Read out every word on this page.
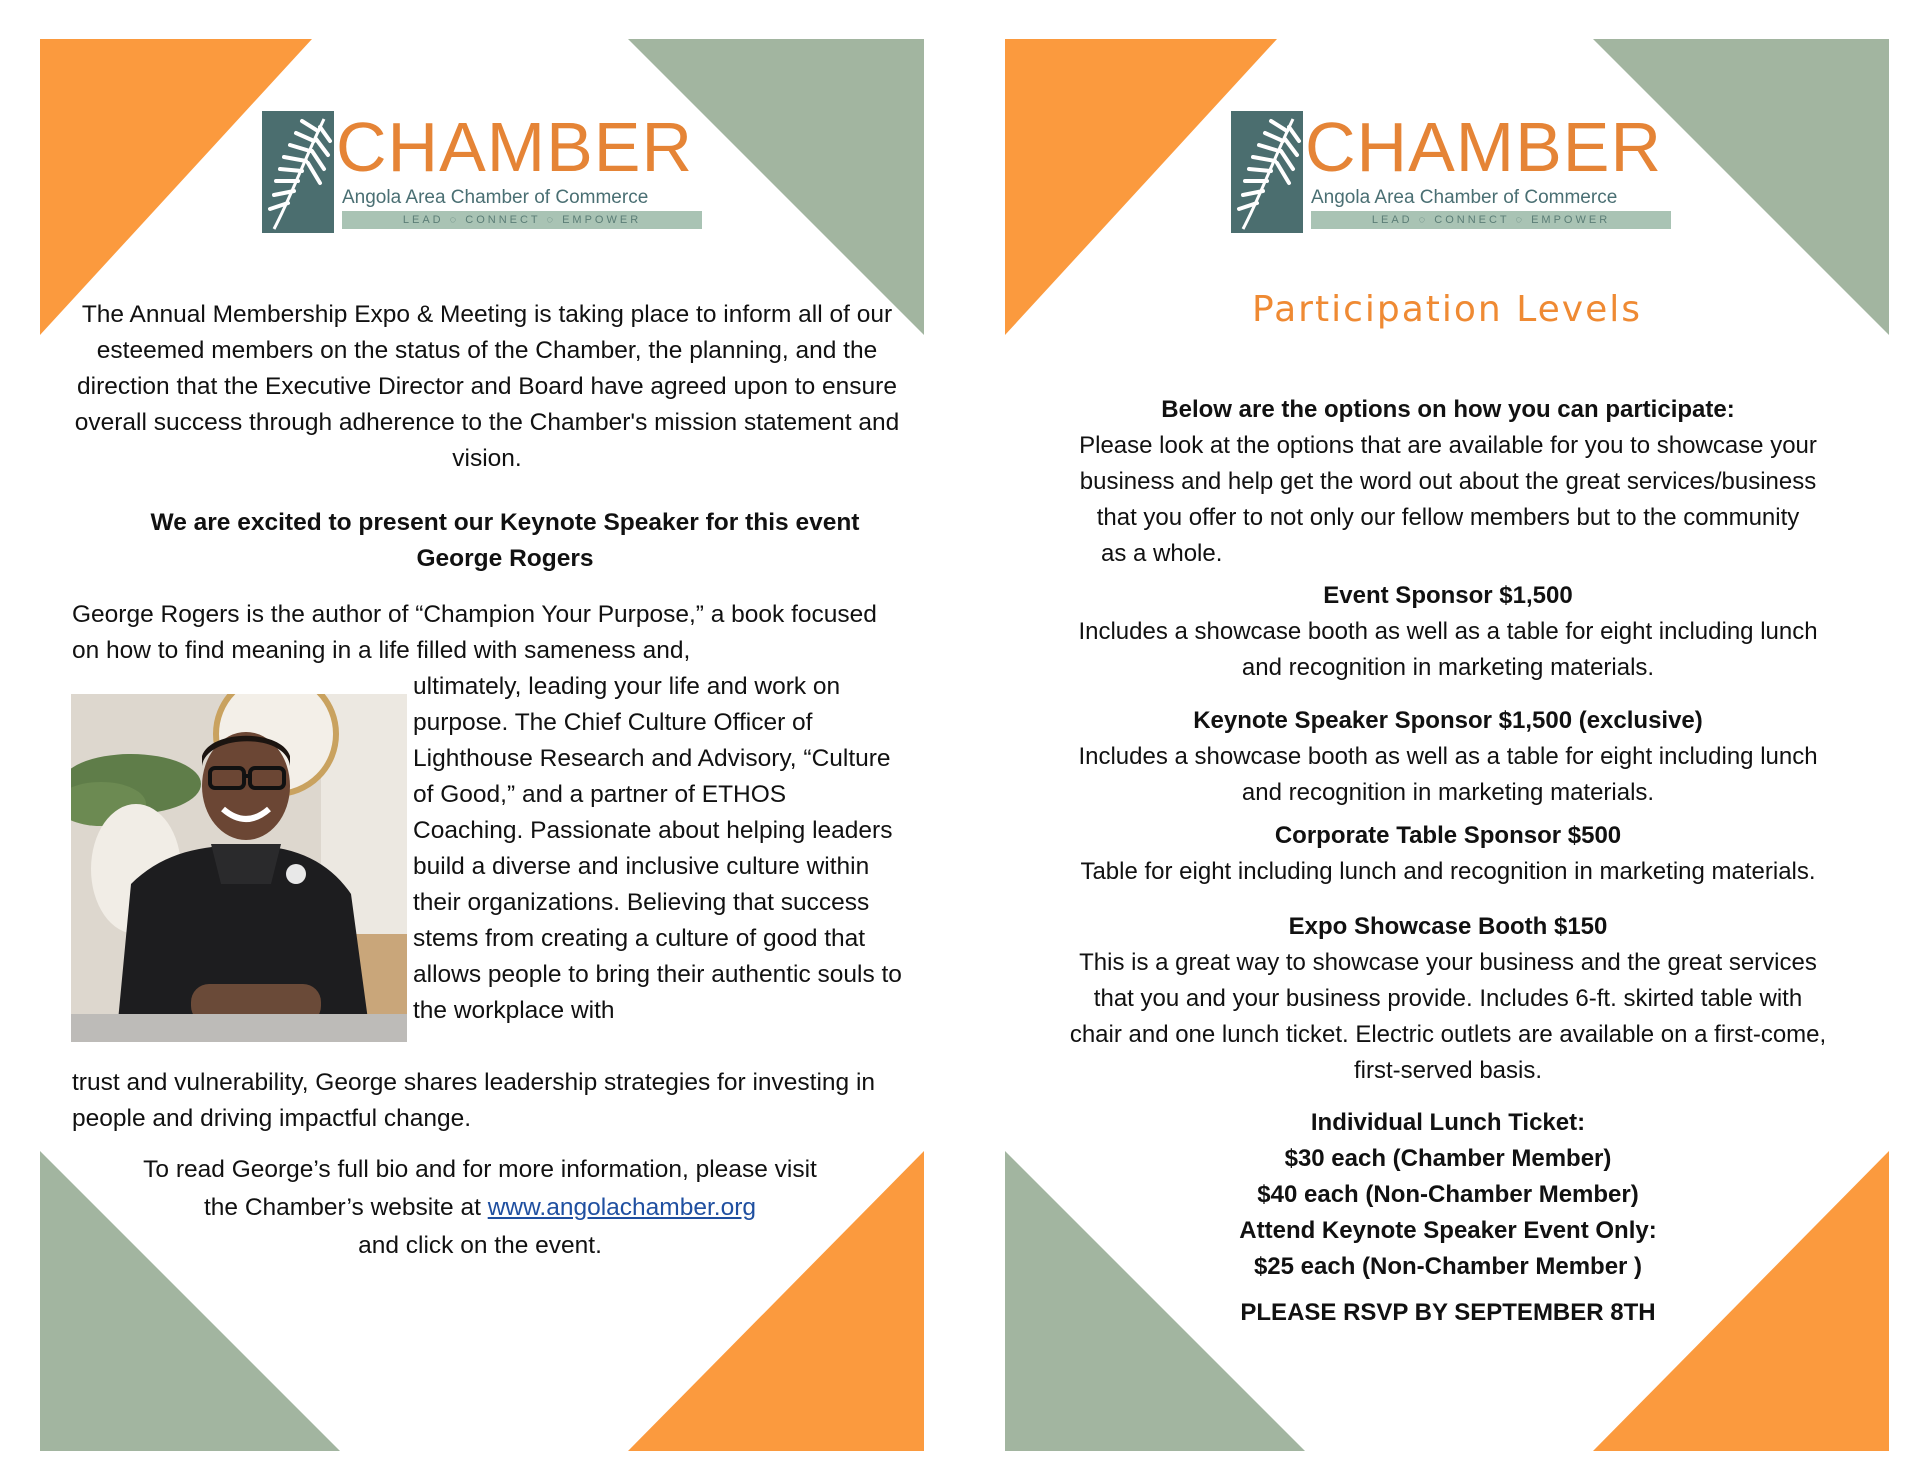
CHAMBER
Angola Area Chamber of Commerce
LEAD ◌ CONNECT ◌ EMPOWER

The Annual Membership Expo & Meeting is taking place to inform all of our esteemed members on the status of the Chamber, the planning, and the direction that the Executive Director and Board have agreed upon to ensure overall success through adherence to the Chamber's mission statement and vision.

We are excited to present our Keynote Speaker for this event
George Rogers

George Rogers is the author of “Champion Your Purpose,” a book focused on how to find meaning in a life filled with sameness and,

ultimately, leading your life and work on purpose. The Chief Culture Officer of Lighthouse Research and Advisory, “Culture of Good,” and a partner of ETHOS Coaching. Passionate about helping leaders build a diverse and inclusive culture within their organizations. Believing that success stems from creating a culture of good that allows people to bring their authentic souls to the workplace with

trust and vulnerability, George shares leadership strategies for investing in people and driving impactful change.

To read George’s full bio and for more information, please visit
the Chamber’s website at www.angolachamber.org
and click on the event.
CHAMBER
Angola Area Chamber of Commerce
LEAD ◌ CONNECT ◌ EMPOWER
Participation Levels
Below are the options on how you can participate:
Please look at the options that are available for you to showcase your
business and help get the word out about the great services/business
that you offer to not only our fellow members but to the community
as a whole.
Event Sponsor $1,500
Includes a showcase booth as well as a table for eight including lunch
and recognition in marketing materials.
Keynote Speaker Sponsor $1,500 (exclusive)
Includes a showcase booth as well as a table for eight including lunch
and recognition in marketing materials.
Corporate Table Sponsor $500
Table for eight including lunch and recognition in marketing materials.
Expo Showcase Booth $150
This is a great way to showcase your business and the great services
that you and your business provide. Includes 6-ft. skirted table with
chair and one lunch ticket. Electric outlets are available on a first-come,
first-served basis.
Individual Lunch Ticket:
$30 each (Chamber Member)
$40 each (Non-Chamber Member)
Attend Keynote Speaker Event Only:
$25 each (Non-Chamber Member )
PLEASE RSVP BY SEPTEMBER 8TH
